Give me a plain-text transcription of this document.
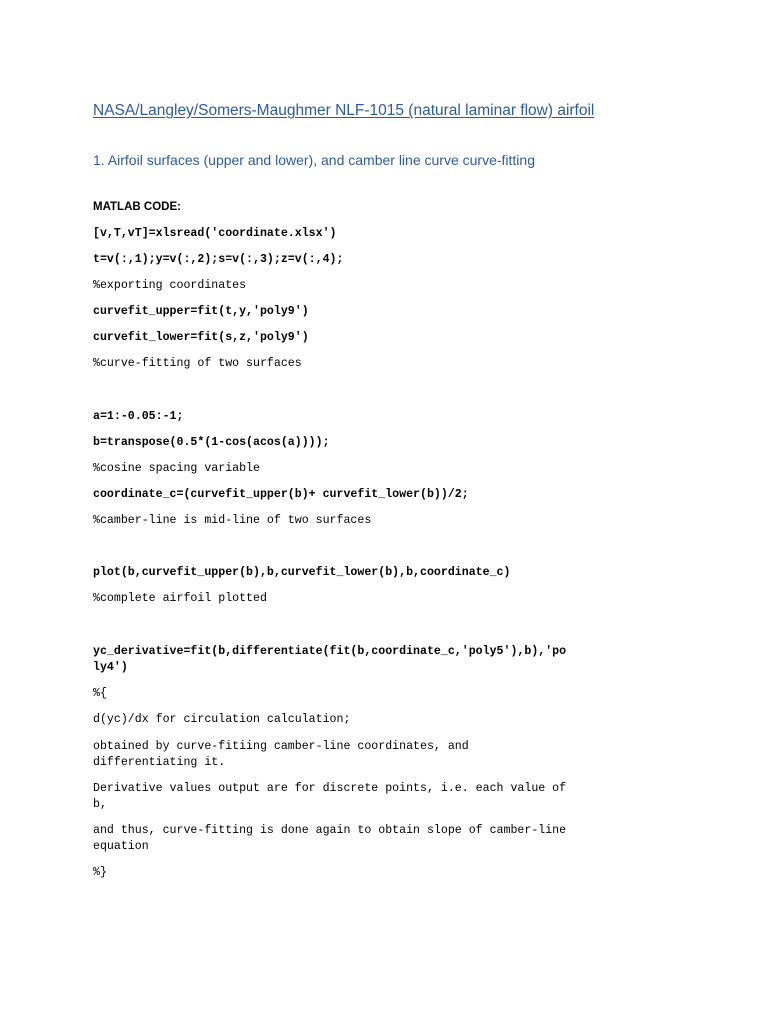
NASA/Langley/Somers-Maughmer NLF-1015 (natural laminar flow) airfoil
1. Airfoil surfaces (upper and lower), and camber line curve curve-fitting
MATLAB CODE:
[v,T,vT]=xlsread('coordinate.xlsx')
t=v(:,1);y=v(:,2);s=v(:,3);z=v(:,4);
%exporting coordinates
curvefit_upper=fit(t,y,'poly9')
curvefit_lower=fit(s,z,'poly9')
%curve-fitting of two surfaces
a=1:-0.05:-1;
b=transpose(0.5*(1-cos(acos(a))));
%cosine spacing variable
coordinate_c=(curvefit_upper(b)+ curvefit_lower(b))/2;
%camber-line is mid-line of two surfaces
plot(b,curvefit_upper(b),b,curvefit_lower(b),b,coordinate_c)
%complete airfoil plotted
yc_derivative=fit(b,differentiate(fit(b,coordinate_c,'poly5'),b),'po
ly4')
%{
d(yc)/dx for circulation calculation;
obtained by curve-fitiing camber-line coordinates, and
differentiating it.
Derivative values output are for discrete points, i.e. each value of
b,
and thus, curve-fitting is done again to obtain slope of camber-line
equation
%}
